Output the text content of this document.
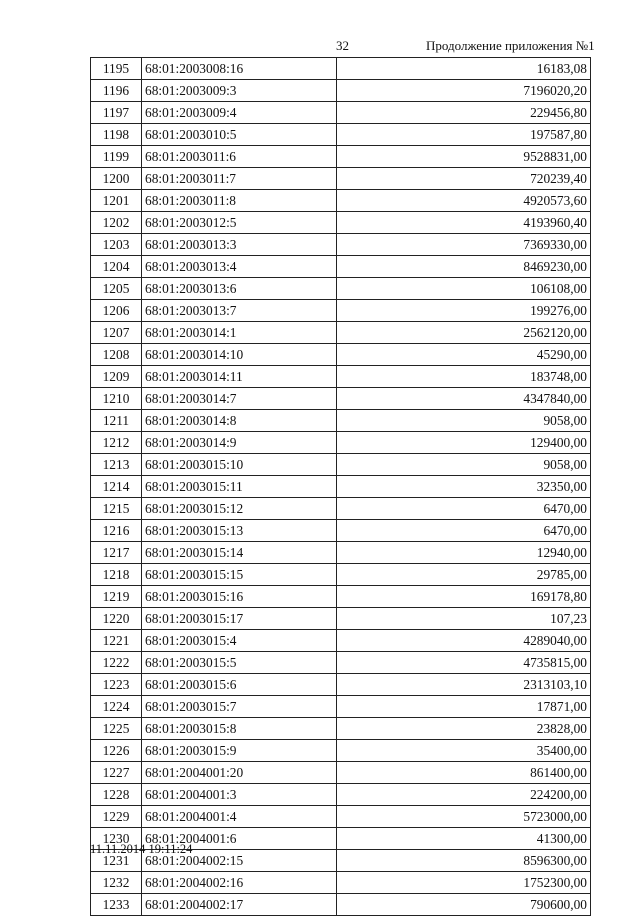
32	Продолжение приложения №1
1195	68:01:2003008:16	16183,08
1196	68:01:2003009:3	7196020,20
1197	68:01:2003009:4	229456,80
1198	68:01:2003010:5	197587,80
1199	68:01:2003011:6	9528831,00
1200	68:01:2003011:7	720239,40
1201	68:01:2003011:8	4920573,60
1202	68:01:2003012:5	4193960,40
1203	68:01:2003013:3	7369330,00
1204	68:01:2003013:4	8469230,00
1205	68:01:2003013:6	106108,00
1206	68:01:2003013:7	199276,00
1207	68:01:2003014:1	2562120,00
1208	68:01:2003014:10	45290,00
1209	68:01:2003014:11	183748,00
1210	68:01:2003014:7	4347840,00
1211	68:01:2003014:8	9058,00
1212	68:01:2003014:9	129400,00
1213	68:01:2003015:10	9058,00
1214	68:01:2003015:11	32350,00
1215	68:01:2003015:12	6470,00
1216	68:01:2003015:13	6470,00
1217	68:01:2003015:14	12940,00
1218	68:01:2003015:15	29785,00
1219	68:01:2003015:16	169178,80
1220	68:01:2003015:17	107,23
1221	68:01:2003015:4	4289040,00
1222	68:01:2003015:5	4735815,00
1223	68:01:2003015:6	2313103,10
1224	68:01:2003015:7	17871,00
1225	68:01:2003015:8	23828,00
1226	68:01:2003015:9	35400,00
1227	68:01:2004001:20	861400,00
1228	68:01:2004001:3	224200,00
1229	68:01:2004001:4	5723000,00
1230	68:01:2004001:6	41300,00
1231	68:01:2004002:15	8596300,00
1232	68:01:2004002:16	1752300,00
1233	68:01:2004002:17	790600,00
11.11.2014 19:11:24
